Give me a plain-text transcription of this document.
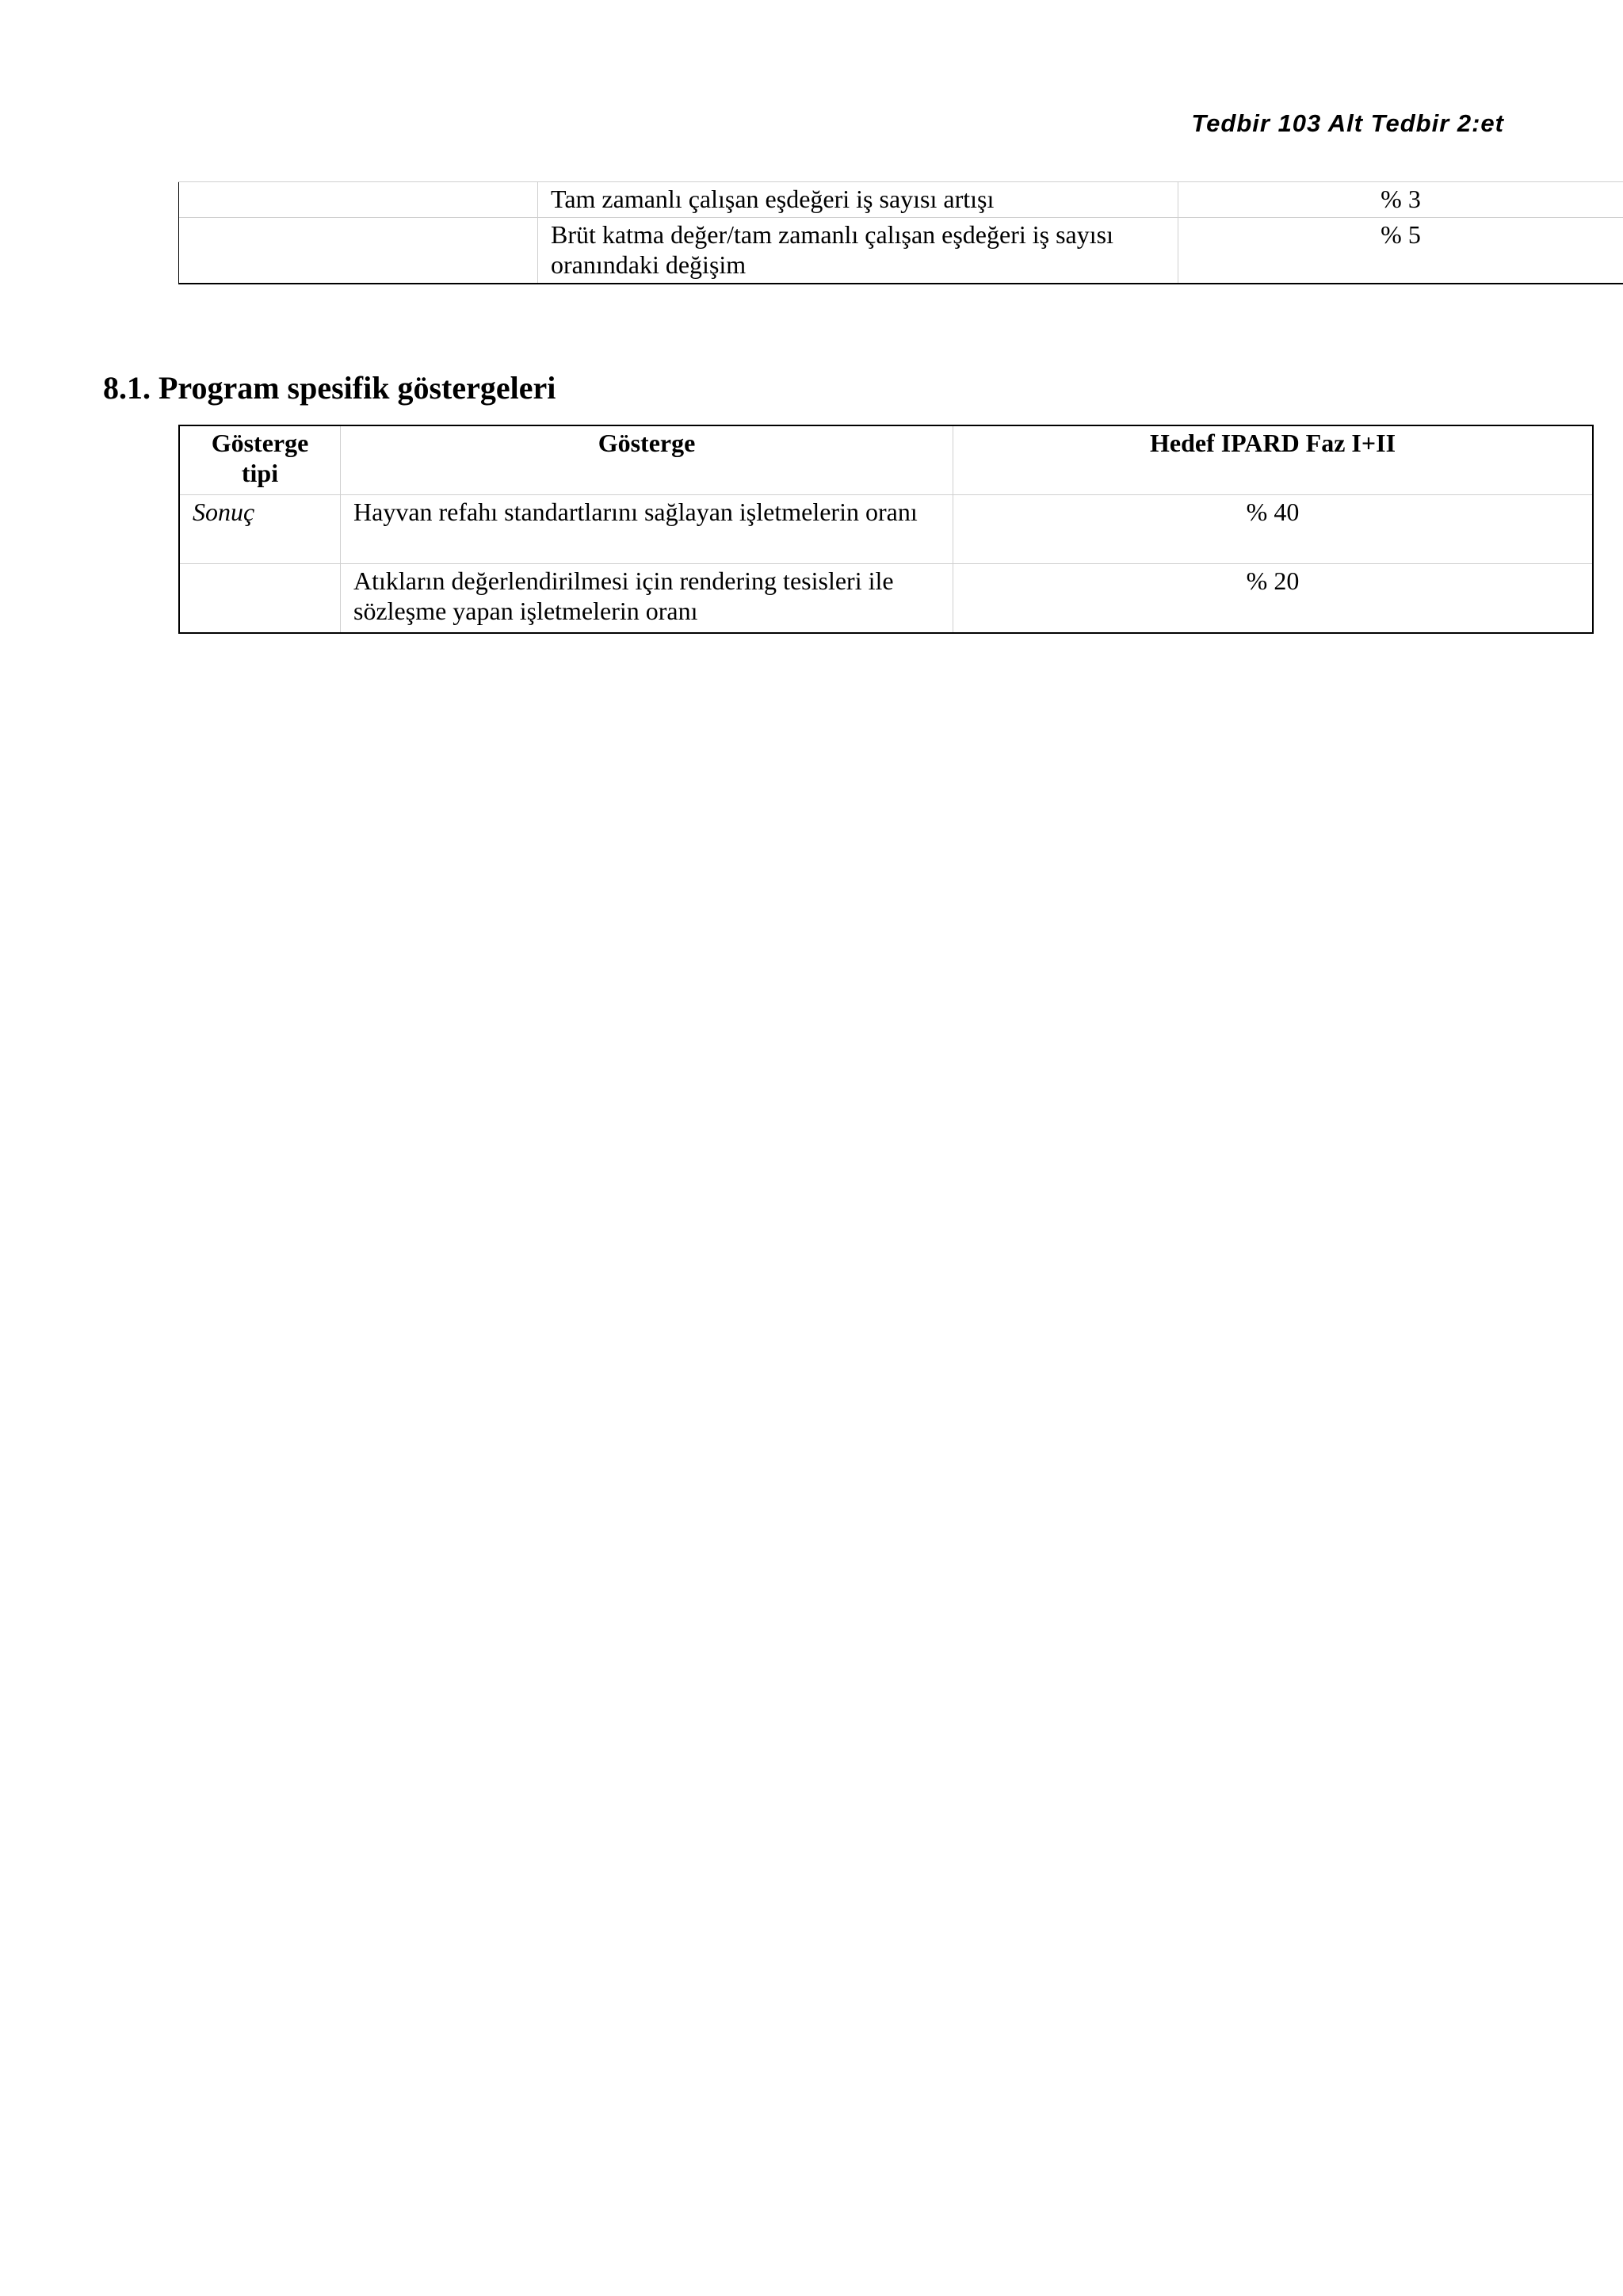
Tedbir 103 Alt Tedbir 2:et
	Tam zamanlı çalışan eşdeğeri iş sayısı artışı	% 3
	Brüt katma değer/tam zamanlı çalışan eşdeğeri iş sayısı oranındaki değişim	% 5
8.1. Program spesifik göstergeleri
Gösterge tipi	Gösterge	Hedef IPARD Faz I+II
Sonuç	Hayvan refahı standartlarını sağlayan işletmelerin oranı	% 40
	Atıkların değerlendirilmesi için rendering tesisleri ile sözleşme yapan işletmelerin oranı	% 20
